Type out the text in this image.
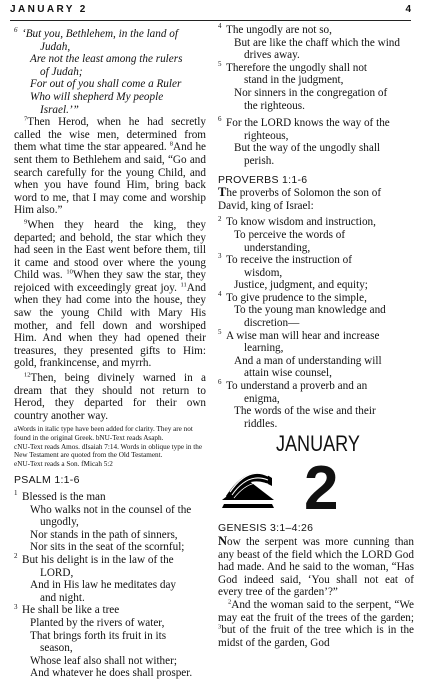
JANUARY 2	4
6 ‘But you, Bethlehem, in the land of
Judah,
Are not the least among the rulers
of Judah;
For out of you shall come a Ruler
Who will shepherd My people
Israel.’”

$^7$Then Herod, when he had secretly called the wise men, determined from them what time the star appeared. $^8$And he sent them to Bethlehem and said, “Go and search carefully for the young Child, and when you have found Him, bring back word to me, that I may come and worship Him also.”

$^9$When they heard the king, they departed; and behold, the star which they had seen in the East went before them, till it came and stood over where the young Child was. $^{10}$When they saw the star, they rejoiced with exceedingly great joy. $^{11}$And when they had come into the house, they saw the young Child with Mary His mother, and fell down and worshiped Him. And when they had opened their treasures, they presented gifts to Him: gold, frankincense, and myrrh.

$^{12}$Then, being divinely warned in a dream that they should not return to Herod, they departed for their own country another way.

aWords in italic type have been added for clarity. They are not found in the original Greek. bNU-Text reads Asaph.
cNU-Text reads Amos. dIsaiah 7:14. Words in oblique type in the New Testament are quoted from the Old Testament.
eNU-Text reads a Son. fMicah 5:2
PSALM 1:1-6
1 Blessed is the man
Who walks not in the counsel of the
ungodly,
Nor stands in the path of sinners,
Nor sits in the seat of the scornful;
2 But his delight is in the law of the
LORD,
And in His law he meditates day
and night.
3 He shall be like a tree
Planted by the rivers of water,
That brings forth its fruit in its
season,
Whose leaf also shall not wither;
And whatever he does shall prosper.
4 The ungodly are not so,
But are like the chaff which the wind
drives away.
5 Therefore the ungodly shall not
stand in the judgment,
Nor sinners in the congregation of
the righteous.
6 For the LORD knows the way of the
righteous,
But the way of the ungodly shall
perish.
PROVERBS 1:1-6

The proverbs of Solomon the son of David, king of Israel:

2 To know wisdom and instruction,
To perceive the words of
understanding,
3 To receive the instruction of
wisdom,
Justice, judgment, and equity;
4 To give prudence to the simple,
To the young man knowledge and
discretion—
5 A wise man will hear and increase
learning,
And a man of understanding will
attain wise counsel,
6 To understand a proverb and an
enigma,
The words of the wise and their
riddles.
JANUARY
2
GENESIS 3:1–4:26

Now the serpent was more cunning than any beast of the field which the LORD God had made. And he said to the woman, “Has God indeed said, ‘You shall not eat of every tree of the garden’?”

$^2$And the woman said to the serpent, “We may eat the fruit of the trees of the garden; $^3$but of the fruit of the tree which is in the midst of the garden, God
